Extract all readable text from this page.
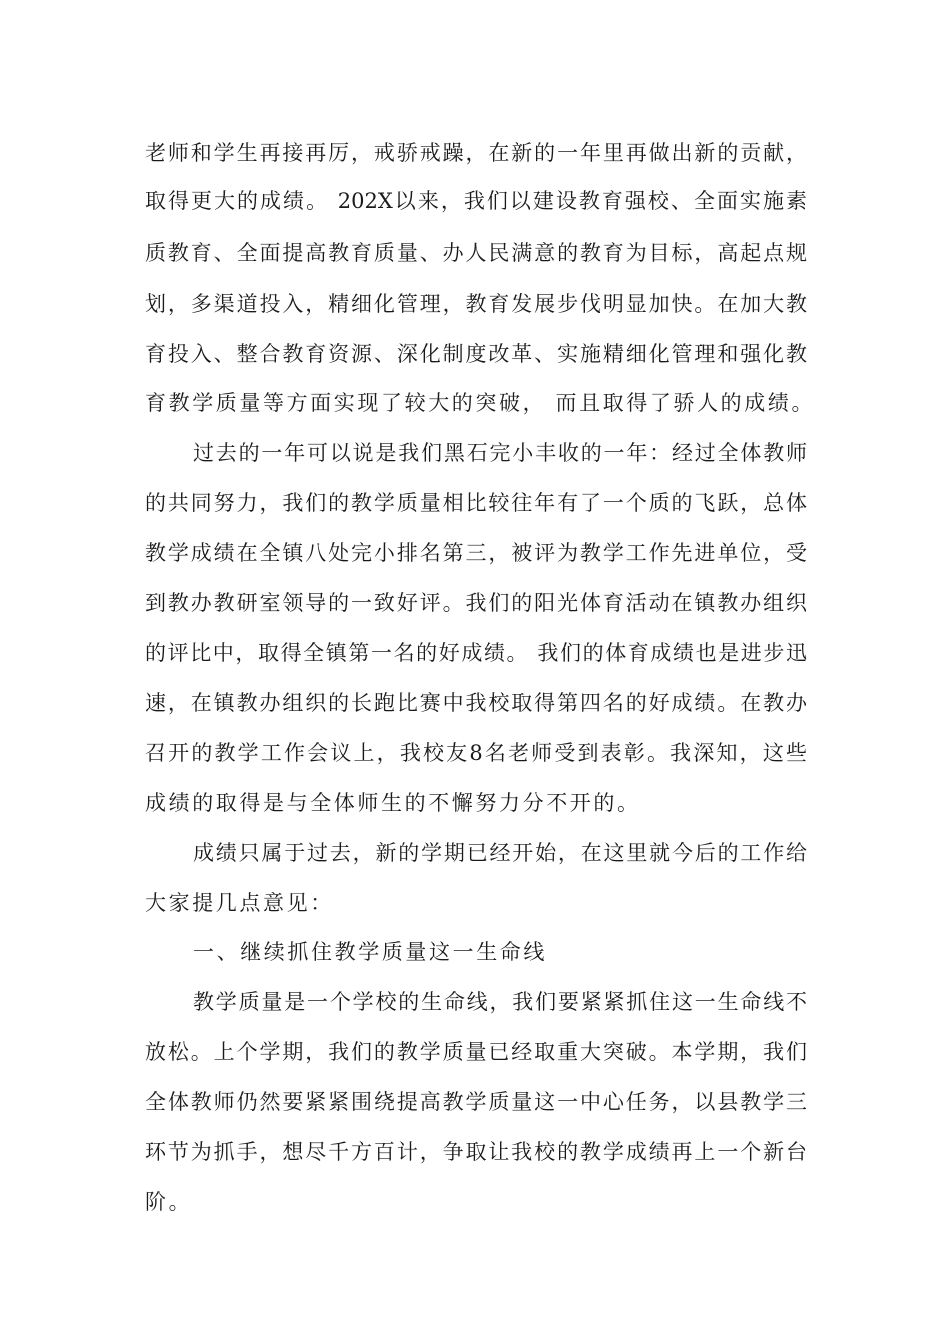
老师和学生再接再厉，戒骄戒躁，在新的一年里再做出新的贡献，
取得更大的成绩。 202X以来，我们以建设教育强校、全面实施素
质教育、全面提高教育质量、办人民满意的教育为目标，高起点规
划，多渠道投入，精细化管理，教育发展步伐明显加快。在加大教
育投入、整合教育资源、深化制度改革、实施精细化管理和强化教
育教学质量等方面实现了较大的突破， 而且取得了骄人的成绩。
过去的一年可以说是我们黑石完小丰收的一年：经过全体教师
的共同努力，我们的教学质量相比较往年有了一个质的飞跃，总体
教学成绩在全镇八处完小排名第三，被评为教学工作先进单位，受
到教办教研室领导的一致好评。我们的阳光体育活动在镇教办组织
的评比中，取得全镇第一名的好成绩。 我们的体育成绩也是进步迅
速，在镇教办组织的长跑比赛中我校取得第四名的好成绩。在教办
召开的教学工作会议上，我校友8名老师受到表彰。我深知，这些
成绩的取得是与全体师生的不懈努力分不开的。
成绩只属于过去，新的学期已经开始，在这里就今后的工作给
大家提几点意见：
一、继续抓住教学质量这一生命线
教学质量是一个学校的生命线，我们要紧紧抓住这一生命线不
放松。上个学期，我们的教学质量已经取重大突破。本学期，我们
全体教师仍然要紧紧围绕提高教学质量这一中心任务，以县教学三
环节为抓手，想尽千方百计，争取让我校的教学成绩再上一个新台
阶。
